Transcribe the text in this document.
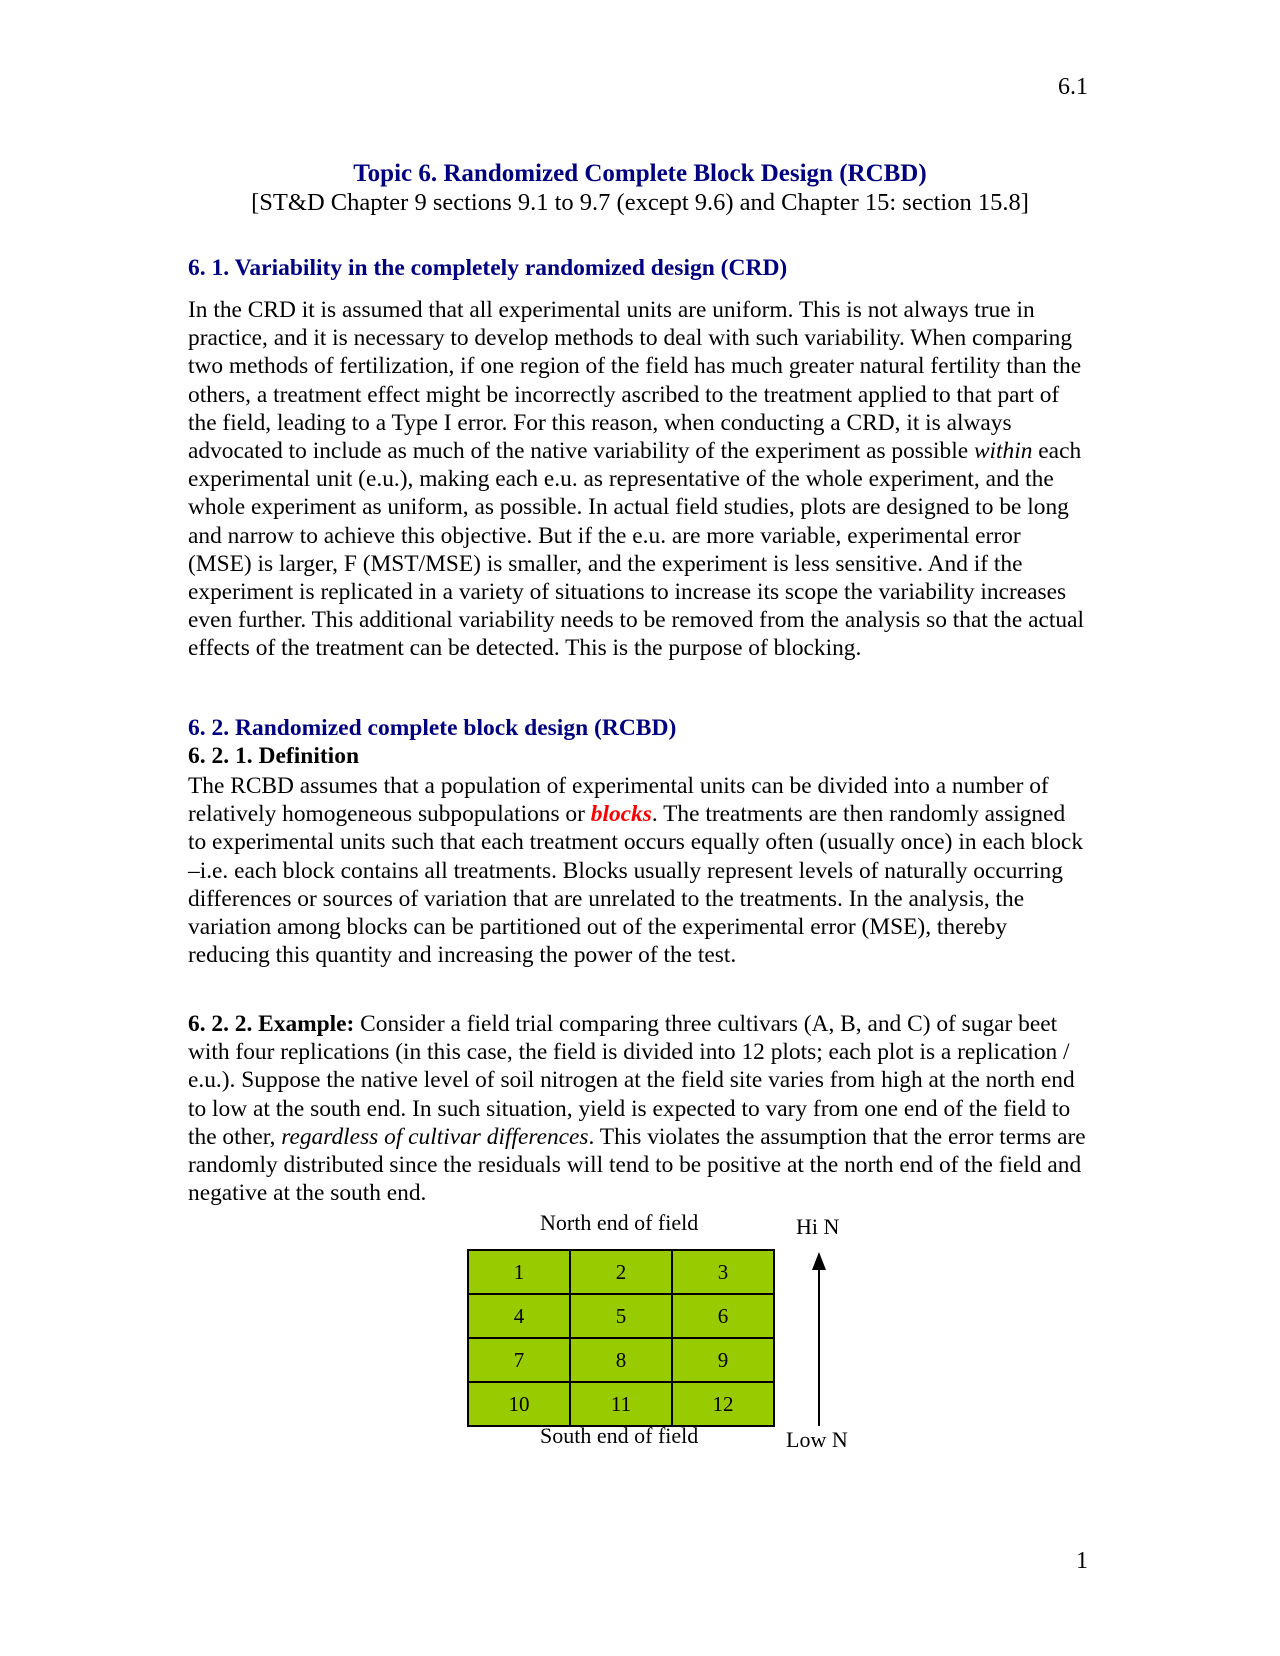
6.1
Topic 6. Randomized Complete Block Design (RCBD)
[ST&D Chapter 9 sections 9.1 to 9.7 (except 9.6) and Chapter 15: section 15.8]
6. 1. Variability in the completely randomized design (CRD)

In the CRD it is assumed that all experimental units are uniform. This is not always true in practice, and it is necessary to develop methods to deal with such variability. When comparing two methods of fertilization, if one region of the field has much greater natural fertility than the others, a treatment effect might be incorrectly ascribed to the treatment applied to that part of the field, leading to a Type I error. For this reason, when conducting a CRD, it is always advocated to include as much of the native variability of the experiment as possible within each experimental unit (e.u.), making each e.u. as representative of the whole experiment, and the whole experiment as uniform, as possible. In actual field studies, plots are designed to be long and narrow to achieve this objective. But if the e.u. are more variable, experimental error (MSE) is larger, F (MST/MSE) is smaller, and the experiment is less sensitive. And if the experiment is replicated in a variety of situations to increase its scope the variability increases even further. This additional variability needs to be removed from the analysis so that the actual effects of the treatment can be detected. This is the purpose of blocking.

6. 2. Randomized complete block design (RCBD)
6. 2. 1. Definition

The RCBD assumes that a population of experimental units can be divided into a number of relatively homogeneous subpopulations or blocks. The treatments are then randomly assigned to experimental units such that each treatment occurs equally often (usually once) in each block –i.e. each block contains all treatments. Blocks usually represent levels of naturally occurring differences or sources of variation that are unrelated to the treatments. In the analysis, the variation among blocks can be partitioned out of the experimental error (MSE), thereby reducing this quantity and increasing the power of the test.

6. 2. 2. Example: Consider a field trial comparing three cultivars (A, B, and C) of sugar beet with four replications (in this case, the field is divided into 12 plots; each plot is a replication / e.u.). Suppose the native level of soil nitrogen at the field site varies from high at the north end to low at the south end. In such situation, yield is expected to vary from one end of the field to the other, regardless of cultivar differences. This violates the assumption that the error terms are randomly distributed since the residuals will tend to be positive at the north end of the field and negative at the south end.

North end of field	Hi N
1	2	3
4	5	6
7	8	9
10	11	12
South end of field	Low N
1
